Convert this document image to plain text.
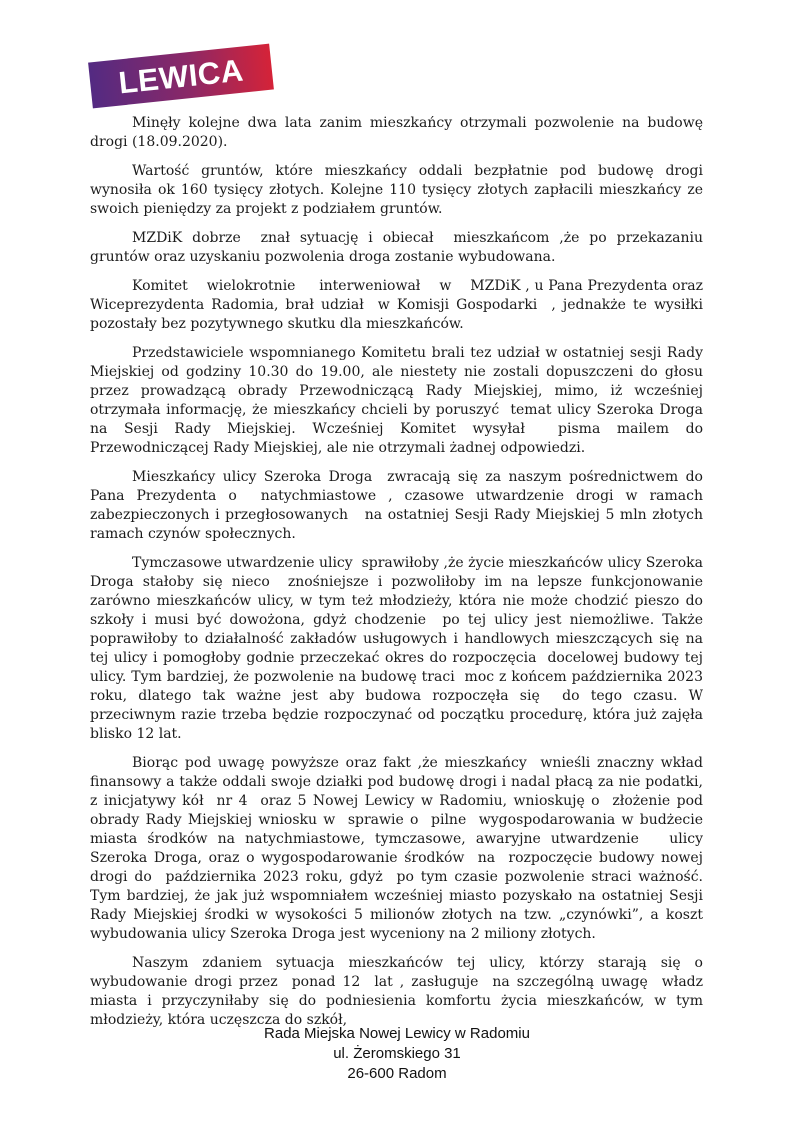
LEWICA

Minęły kolejne dwa lata zanim mieszkańcy otrzymali pozwolenie na budowę drogi (18.09.2020).

Wartość gruntów, które mieszkańcy oddali bezpłatnie pod budowę drogi wynosiła ok 160 tysięcy złotych. Kolejne 110 tysięcy złotych zapłacili mieszkańcy ze swoich pieniędzy za projekt z podziałem gruntów.

MZDiK dobrze  znał sytuację i obiecał  mieszkańcom ,że po przekazaniu gruntów oraz uzyskaniu pozwolenia droga zostanie wybudowana.

Komitet    wielokrotnie     interweniował    w    MZDiK , u Pana Prezydenta oraz Wiceprezydenta Radomia, brał udział  w Komisji Gospodarki  , jednakże te wysiłki pozostały bez pozytywnego skutku dla mieszkańców.

Przedstawiciele wspomnianego Komitetu brali tez udział w ostatniej sesji Rady Miejskiej od godziny 10.30 do 19.00, ale niestety nie zostali dopuszczeni do głosu przez prowadzącą obrady Przewodniczącą Rady Miejskiej, mimo, iż wcześniej otrzymała informację, że mieszkańcy chcieli by poruszyć  temat ulicy Szeroka Droga na Sesji Rady Miejskiej. Wcześniej Komitet wysyłał  pisma mailem do Przewodniczącej Rady Miejskiej, ale nie otrzymali żadnej odpowiedzi.

Mieszkańcy ulicy Szeroka Droga  zwracają się za naszym pośrednictwem do Pana Prezydenta o  natychmiastowe , czasowe utwardzenie drogi w ramach zabezpieczonych i przegłosowanych   na ostatniej Sesji Rady Miejskiej 5 mln złotych ramach czynów społecznych.

Tymczasowe utwardzenie ulicy  sprawiłoby ,że życie mieszkańców ulicy Szeroka Droga stałoby się nieco  znośniejsze i pozwoliłoby im na lepsze funkcjonowanie zarówno mieszkańców ulicy, w tym też młodzieży, która nie może chodzić pieszo do szkoły i musi być dowożona, gdyż chodzenie  po tej ulicy jest niemożliwe. Także poprawiłoby to działalność zakładów usługowych i handlowych mieszczących się na tej ulicy i pomogłoby godnie przeczekać okres do rozpoczęcia  docelowej budowy tej ulicy. Tym bardziej, że pozwolenie na budowę traci  moc z końcem października 2023 roku, dlatego tak ważne jest aby budowa rozpoczęła się  do tego czasu. W przeciwnym razie trzeba będzie rozpoczynać od początku procedurę, która już zajęła blisko 12 lat.

Biorąc pod uwagę powyższe oraz fakt ,że mieszkańcy  wnieśli znaczny wkład finansowy a także oddali swoje działki pod budowę drogi i nadal płacą za nie podatki, z inicjatywy kół  nr 4  oraz 5 Nowej Lewicy w Radomiu, wnioskuję o  złożenie pod obrady Rady Miejskiej wniosku w  sprawie o  pilne  wygospodarowania w budżecie miasta środków na natychmiastowe, tymczasowe, awaryjne utwardzenie   ulicy    Szeroka Droga, oraz o wygospodarowanie środków  na  rozpoczęcie budowy nowej drogi do  października 2023 roku, gdyż  po tym czasie pozwolenie straci ważność. Tym bardziej, że jak już wspomniałem wcześniej miasto pozyskało na ostatniej Sesji Rady Miejskiej środki w wysokości 5 milionów złotych na tzw. „czynówki”, a koszt wybudowania ulicy Szeroka Droga jest wyceniony na 2 miliony złotych.

Naszym zdaniem sytuacja mieszkańców tej ulicy, którzy starają się o wybudowanie drogi przez  ponad 12  lat , zasługuje  na szczególną uwagę  władz miasta i przyczyniłaby się do podniesienia komfortu życia mieszkańców, w tym  młodzieży, która uczęszcza do szkół,

Rada Miejska Nowej Lewicy w Radomiu
ul. Żeromskiego 31
26-600 Radom
